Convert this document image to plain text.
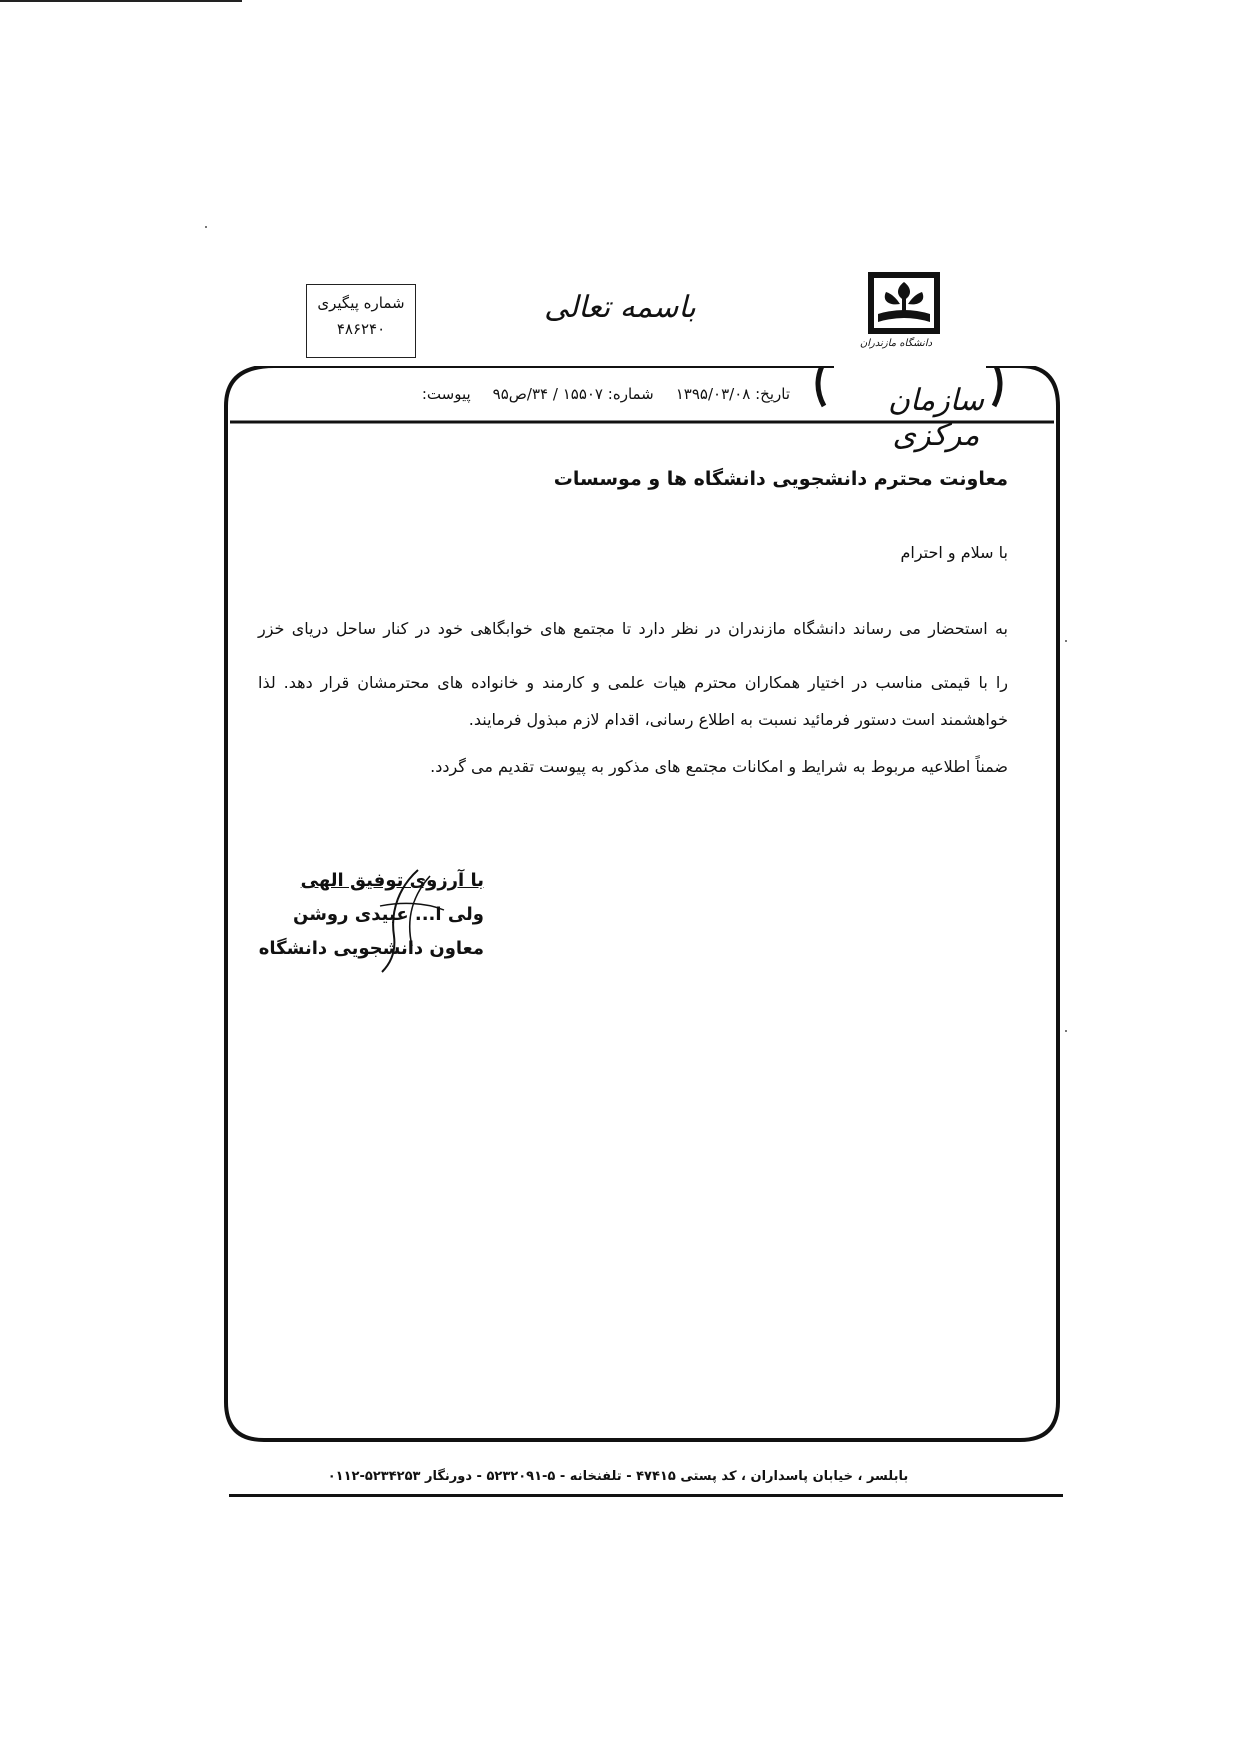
شماره پیگیری
۴۸۶۲۴۰
باسمه تعالی
دانشگاه مازندران
سازمان مرکزی
تاریخ: ۱۳۹۵/۰۳/۰۸
شماره: ۱۵۵۰۷ / ۳۴/ص۹۵
پیوست:
معاونت محترم دانشجویی دانشگاه ها و موسسات
با سلام و احترام
به استحضار می رساند دانشگاه مازندران در نظر دارد تا مجتمع های خوابگاهی خود در کنار ساحل دریای خزر
را با قیمتی مناسب در اختیار همکاران محترم هیات علمی و کارمند و خانواده های محترمشان قرار دهد. لذا
خواهشمند است دستور فرمائید نسبت به اطلاع رسانی، اقدام لازم مبذول فرمایند.
ضمناً اطلاعیه مربوط به شرایط و امکانات مجتمع های مذکور به پیوست تقدیم می گردد.
با آرزوی توفیق الهی
ولی ا... عبیدی روشن
معاون دانشجویی دانشگاه
بابلسر ، خیابان پاسداران ، کد پستی ۴۷۴۱۵ - تلفنخانه - ۵-۵۲۳۲۰۹۱ - دورنگار ۵۲۳۴۲۵۳-۰۱۱۲
